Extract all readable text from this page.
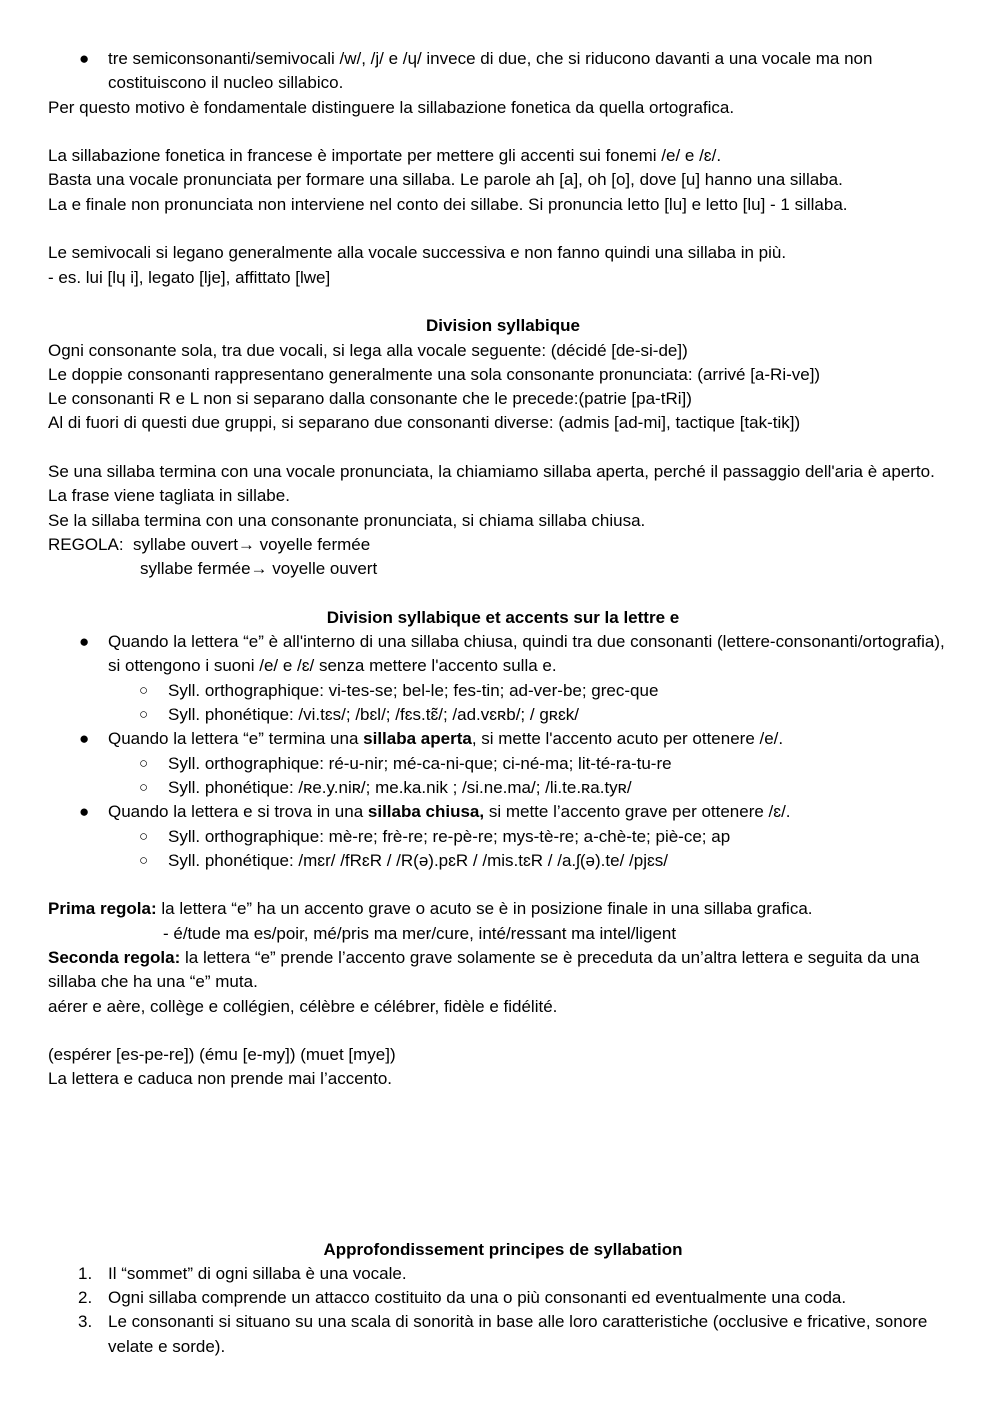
● tre semiconsonanti/semivocali /w/, /j/ e /ɥ/ invece di due, che si riducono davanti a una vocale ma non costituiscono il nucleo sillabico.
Per questo motivo è fondamentale distinguere la sillabazione fonetica da quella ortografica.
La sillabazione fonetica in francese è importate per mettere gli accenti sui fonemi /e/ e /ɛ/.
Basta una vocale pronunciata per formare una sillaba. Le parole ah [a], oh [o], dove [u] hanno una sillaba.
La e finale non pronunciata non interviene nel conto dei sillabe. Si pronuncia letto [lu] e letto [lu] - 1 sillaba.
Le semivocali si legano generalmente alla vocale successiva e non fanno quindi una sillaba in più.
- es. lui [lɥ i], legato [lje], affittato [lwe]
Division syllabique
Ogni consonante sola, tra due vocali, si lega alla vocale seguente: (décidé [de-si-de])
Le doppie consonanti rappresentano generalmente una sola consonante pronunciata: (arrivé [a-Ri-ve])
Le consonanti R e L non si separano dalla consonante che le precede:(patrie [pa-tRi])
Al di fuori di questi due gruppi, si separano due consonanti diverse: (admis [ad-mi], tactique [tak-tik])
Se una sillaba termina con una vocale pronunciata, la chiamiamo sillaba aperta, perché il passaggio dell'aria è aperto. La frase viene tagliata in sillabe.
Se la sillaba termina con una consonante pronunciata, si chiama sillaba chiusa.
REGOLA: syllabe ouvert→ voyelle fermée
syllabe fermée→ voyelle ouvert
Division syllabique et accents sur la lettre e
● Quando la lettera “e” è all'interno di una sillaba chiusa, quindi tra due consonanti (lettere-consonanti/ortografia), si ottengono i suoni /e/ e /ɛ/ senza mettere l'accento sulla e.
○ Syll. orthographique: vi-tes-se; bel-le; fes-tin; ad-ver-be; grec-que
○ Syll. phonétique: /vi.tɛs/; /bɛl/; /fɛs.tɛ̃/; /ad.vɛʀb/; / gʀɛk/
● Quando la lettera “e” termina una sillaba aperta, si mette l'accento acuto per ottenere /e/.
○ Syll. orthographique: ré-u-nir; mé-ca-ni-que; ci-né-ma; lit-té-ra-tu-re
○ Syll. phonétique: /ʀe.y.niʀ/; me.ka.nik ; /si.ne.ma/; /li.te.ʀa.tyʀ/
● Quando la lettera e si trova in una sillaba chiusa, si mette l’accento grave per ottenere /ɛ/.
○ Syll. orthographique: mè-re; frè-re; re-pè-re; mys-tè-re; a-chè-te; piè-ce; ap
○ Syll. phonétique: /mɛr/ /fRɛR / /R(ə).pɛR / /mis.tɛR / /a.ʃ(ə).te/ /pjɛs/
Prima regola: la lettera “e” ha un accento grave o acuto se è in posizione finale in una sillaba grafica.
- é/tude ma es/poir, mé/pris ma mer/cure, inté/ressant ma intel/ligent
Seconda regola: la lettera “e” prende l’accento grave solamente se è preceduta da un’altra lettera e seguita da una sillaba che ha una “e” muta.
aérer e aère, collège e collégien, célèbre e célébrer, fidèle e fidélité.
(espérer [es-pe-re]) (ému [e-my]) (muet [mye])
La lettera e caduca non prende mai l’accento.
Approfondissement principes de syllabation
1. Il “sommet” di ogni sillaba è una vocale.
2. Ogni sillaba comprende un attacco costituito da una o più consonanti ed eventualmente una coda.
3. Le consonanti si situano su una scala di sonorità in base alle loro caratteristiche (occlusive e fricative, sonore velate e sorde).
